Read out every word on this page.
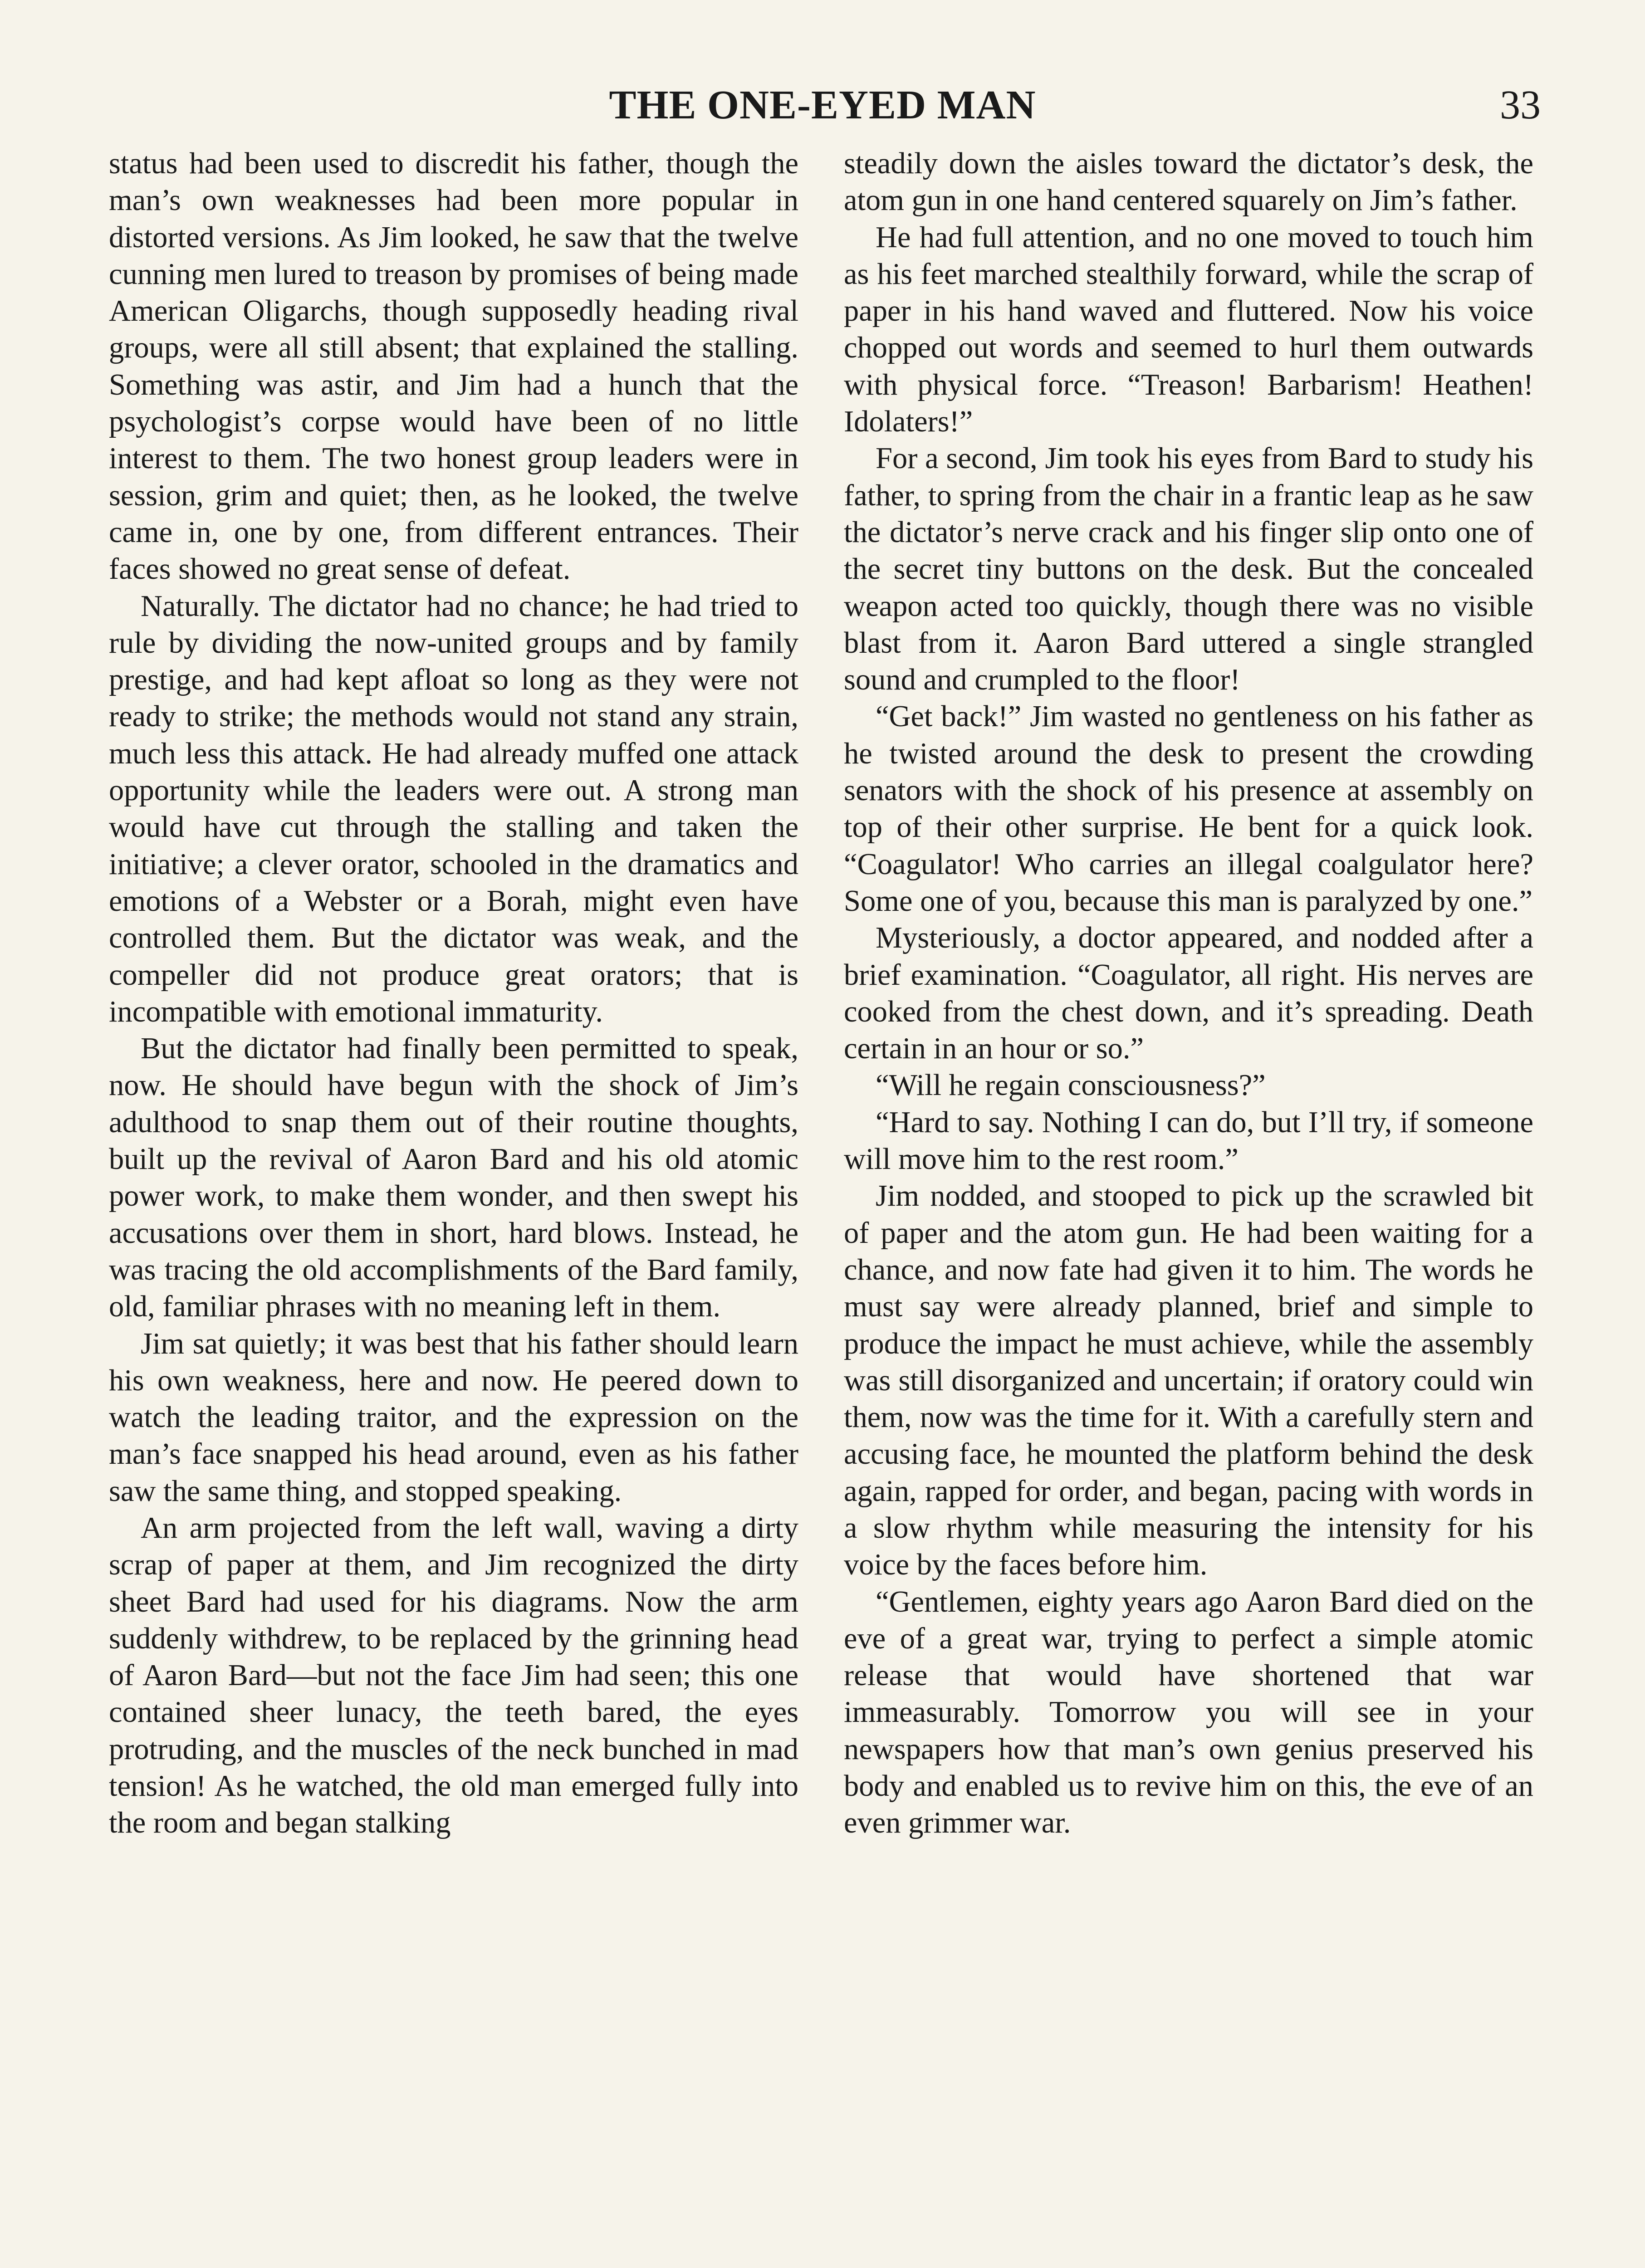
THE ONE-EYED MAN	33

status had been used to discredit his father, though the man’s own weaknesses had been more popular in distorted versions. As Jim looked, he saw that the twelve cunning men lured to treason by promises of being made American Oligarchs, though supposedly heading rival groups, were all still absent; that explained the stalling. Something was astir, and Jim had a hunch that the psychologist’s corpse would have been of no little interest to them. The two honest group leaders were in session, grim and quiet; then, as he looked, the twelve came in, one by one, from different entrances. Their faces showed no great sense of defeat.

Naturally. The dictator had no chance; he had tried to rule by dividing the now-united groups and by family prestige, and had kept afloat so long as they were not ready to strike; the methods would not stand any strain, much less this attack. He had already muffed one attack opportunity while the leaders were out. A strong man would have cut through the stalling and taken the initiative; a clever orator, schooled in the dramatics and emotions of a Webster or a Borah, might even have controlled them. But the dictator was weak, and the compeller did not produce great orators; that is incompatible with emotional immaturity.

But the dictator had finally been permitted to speak, now. He should have begun with the shock of Jim’s adulthood to snap them out of their routine thoughts, built up the revival of Aaron Bard and his old atomic power work, to make them wonder, and then swept his accusations over them in short, hard blows. Instead, he was tracing the old accomplishments of the Bard family, old, familiar phrases with no meaning left in them.

Jim sat quietly; it was best that his father should learn his own weakness, here and now. He peered down to watch the leading traitor, and the expression on the man’s face snapped his head around, even as his father saw the same thing, and stopped speaking.

An arm projected from the left wall, waving a dirty scrap of paper at them, and Jim recognized the dirty sheet Bard had used for his diagrams. Now the arm suddenly withdrew, to be replaced by the grinning head of Aaron Bard—but not the face Jim had seen; this one contained sheer lunacy, the teeth bared, the eyes protruding, and the muscles of the neck bunched in mad tension! As he watched, the old man emerged fully into the room and began stalking

steadily down the aisles toward the dictator’s desk, the atom gun in one hand centered squarely on Jim’s father.

He had full attention, and no one moved to touch him as his feet marched stealthily forward, while the scrap of paper in his hand waved and fluttered. Now his voice chopped out words and seemed to hurl them outwards with physical force. “Treason! Barbarism! Heathen! Idolaters!”

For a second, Jim took his eyes from Bard to study his father, to spring from the chair in a frantic leap as he saw the dictator’s nerve crack and his finger slip onto one of the secret tiny buttons on the desk. But the concealed weapon acted too quickly, though there was no visible blast from it. Aaron Bard uttered a single strangled sound and crumpled to the floor!

“Get back!” Jim wasted no gentleness on his father as he twisted around the desk to present the crowding senators with the shock of his presence at assembly on top of their other surprise. He bent for a quick look. “Coagulator! Who carries an illegal coalgulator here? Some one of you, because this man is paralyzed by one.”

Mysteriously, a doctor appeared, and nodded after a brief examination. “Coagulator, all right. His nerves are cooked from the chest down, and it’s spreading. Death certain in an hour or so.”

“Will he regain consciousness?”

“Hard to say. Nothing I can do, but I’ll try, if someone will move him to the rest room.”

Jim nodded, and stooped to pick up the scrawled bit of paper and the atom gun. He had been waiting for a chance, and now fate had given it to him. The words he must say were already planned, brief and simple to produce the impact he must achieve, while the assembly was still disorganized and uncertain; if oratory could win them, now was the time for it. With a carefully stern and accusing face, he mounted the platform behind the desk again, rapped for order, and began, pacing with words in a slow rhythm while measuring the intensity for his voice by the faces before him.

“Gentlemen, eighty years ago Aaron Bard died on the eve of a great war, trying to perfect a simple atomic release that would have shortened that war immeasurably. Tomorrow you will see in your newspapers how that man’s own genius preserved his body and enabled us to revive him on this, the eve of an even grimmer war.
